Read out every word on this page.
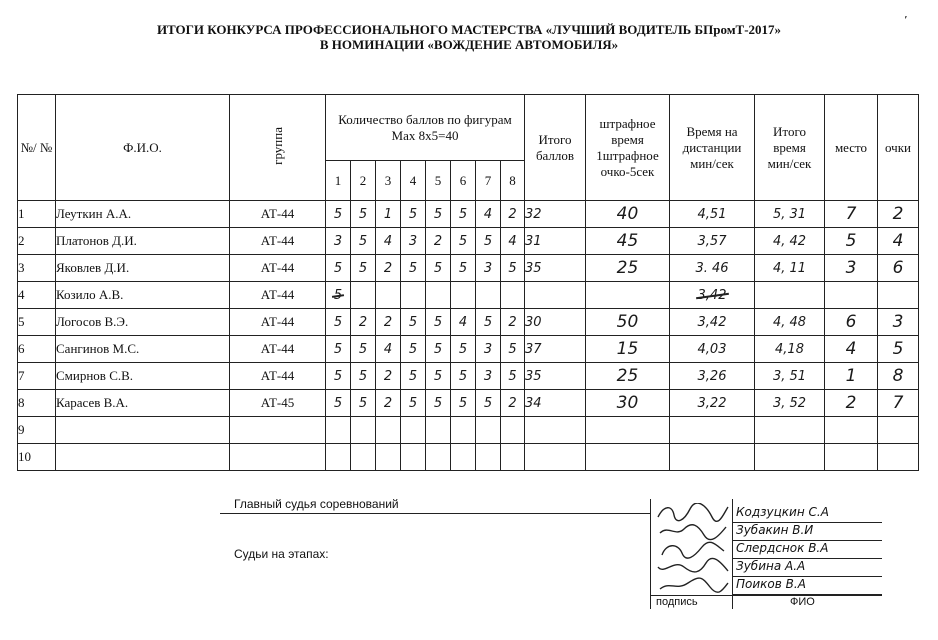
ИТОГИ КОНКУРСА ПРОФЕССИОНАЛЬНОГО МАСТЕРСТВА «ЛУЧШИЙ ВОДИТЕЛЬ БПромТ-2017»
В НОМИНАЦИИ «ВОЖДЕНИЕ АВТОМОБИЛЯ»
ʼ
№/ №	Ф.И.О.	группа	Количество баллов по фигурам Max 8x5=40								Итого баллов	штрафное время 1штрафное очко-5сек	Время на дистанции мин/сек	Итого время мин/сек	место	очки
			1	2	3	4	5	6	7	8						
1	Леуткин А.А.	АТ-44	5	5	1	5	5	5	4	2	32	40	4,51	5, 31	7	2
2	Платонов Д.И.	АТ-44	3	5	4	3	2	5	5	4	31	45	3,57	4, 42	5	4
3	Яковлев Д.И.	АТ-44	5	5	2	5	5	5	3	5	35	25	3. 46	4, 11	3	6
4	Козило А.В.	АТ-44	5										3,42			
5	Логосов В.Э.	АТ-44	5	2	2	5	5	4	5	2	30	50	3,42	4, 48	6	3
6	Сангинов М.С.	АТ-44	5	5	4	5	5	5	3	5	37	15	4,03	4,18	4	5
7	Смирнов С.В.	АТ-44	5	5	2	5	5	5	3	5	35	25	3,26	3, 51	1	8
8	Карасев В.А.	АТ-45	5	5	2	5	5	5	5	2	34	30	3,22	3, 52	2	7
9																
10																
Главный судья соревнований
Судьи на этапах:
подпись	ФИО
Кодзуцкин С.А
Зубакин В.И
Слердснок В.А
Зубина А.А
Поиков В.А
